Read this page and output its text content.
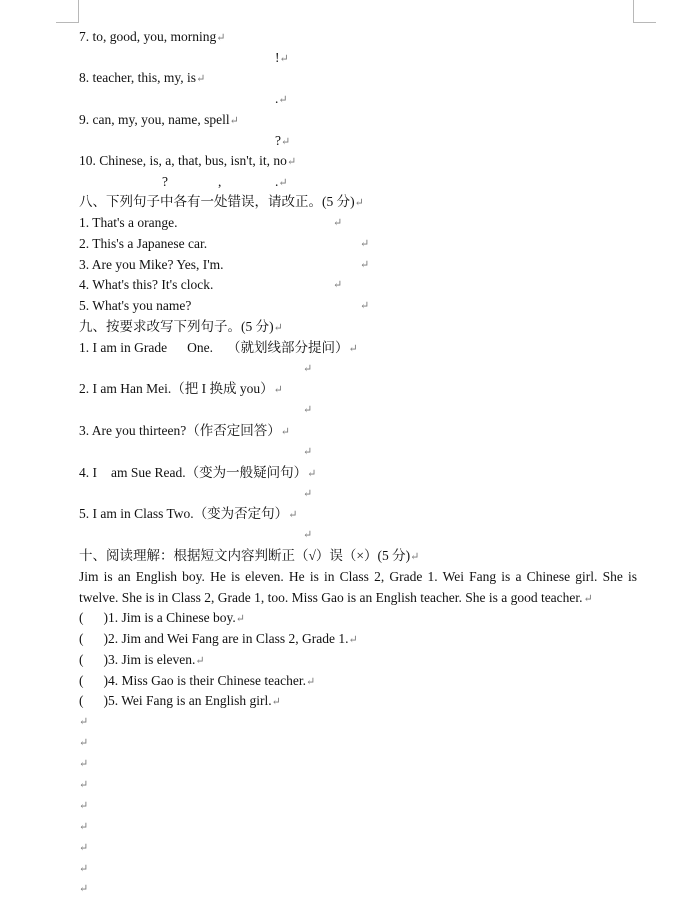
7. to, good, you, morning↵
!↵
8. teacher, this, my, is↵
.↵
9. can, my, you, name, spell↵
?↵
10. Chinese, is, a, that, bus, isn't, it, no↵
?	,	.↵
八、下列句子中各有一处错误，请改正。(5 分)↵
1. That's a orange.	↵
2. This's a Japanese car.	↵
3. Are you Mike? Yes, I'm.	↵
4. What's this? It's clock.	↵
5. What's you name?	↵
九、按要求改写下列句子。(5 分)↵
1. I am in Grade One. （就划线部分提问）↵
↵
2. I am Han Mei.（把 I 换成 you）↵
↵
3. Are you thirteen?（作否定回答）↵
↵
4. I am Sue Read.（变为一般疑问句）↵
↵
5. I am in Class Two.（变为否定句）↵
↵
十、阅读理解：根据短文内容判断正（√）误（×）(5 分)↵
Jim is an English boy. He is eleven. He is in Class 2, Grade 1. Wei Fang is a Chinese girl. She is twelve. She is in Class 2, Grade 1, too. Miss Gao is an English teacher. She is a good teacher.↵
( )1. Jim is a Chinese boy.↵
( )2. Jim and Wei Fang are in Class 2, Grade 1.↵
( )3. Jim is eleven.↵
( )4. Miss Gao is their Chinese teacher.↵
( )5. Wei Fang is an English girl.↵
↵
↵
↵
↵
↵
↵
↵
↵
↵
